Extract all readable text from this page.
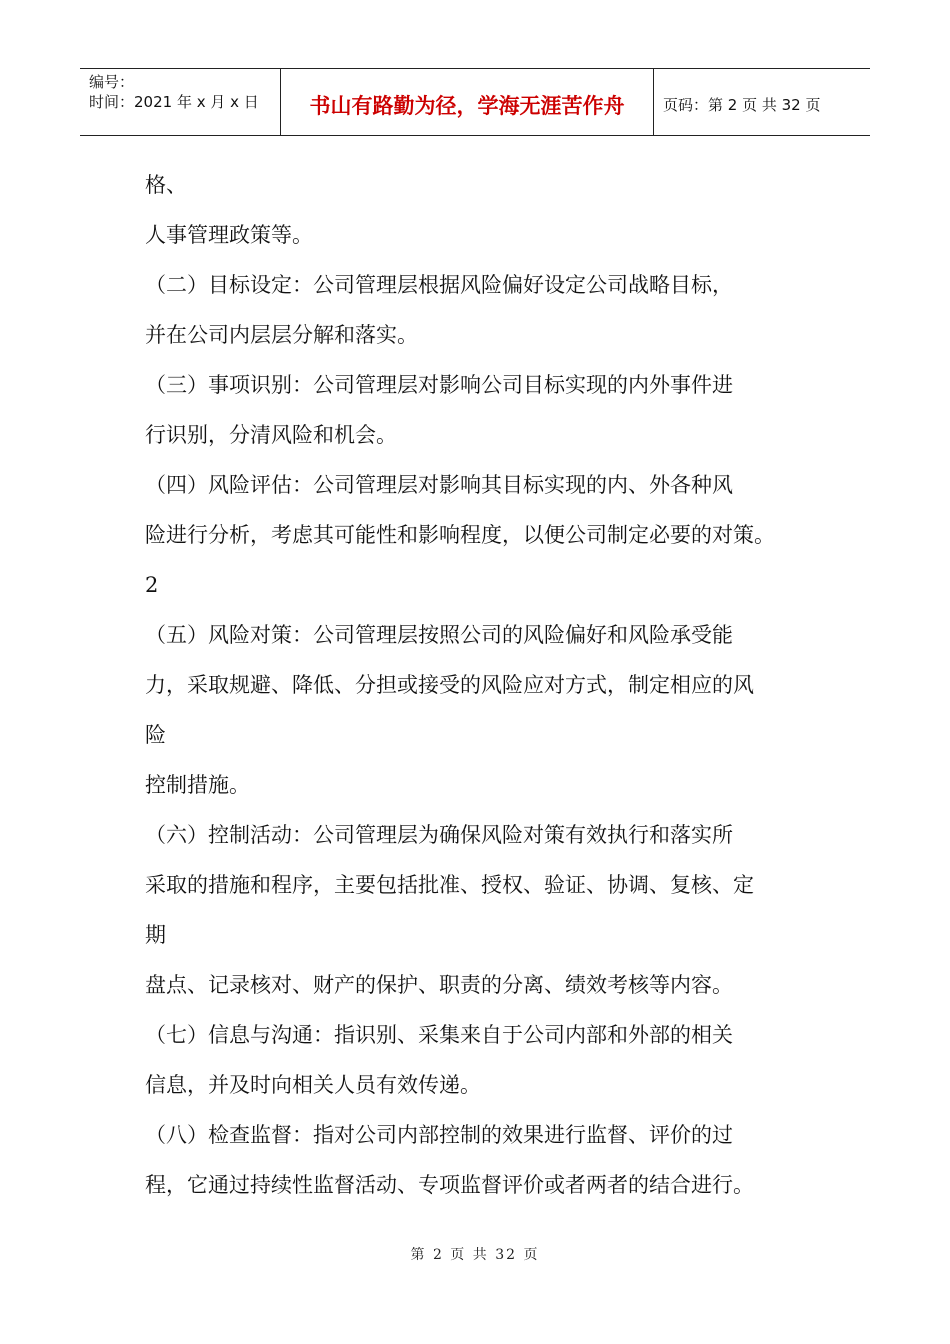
编号：
时间：2021 年 x 月 x 日	书山有路勤为径，学海无涯苦作舟	页码：第 2 页 共 32 页
格、
人事管理政策等。
（二）目标设定：公司管理层根据风险偏好设定公司战略目标，
并在公司内层层分解和落实。
（三）事项识别：公司管理层对影响公司目标实现的内外事件进
行识别，分清风险和机会。
（四）风险评估：公司管理层对影响其目标实现的内、外各种风
险进行分析，考虑其可能性和影响程度，以便公司制定必要的对策。
2
（五）风险对策：公司管理层按照公司的风险偏好和风险承受能
力，采取规避、降低、分担或接受的风险应对方式，制定相应的风
险
控制措施。
（六）控制活动：公司管理层为确保风险对策有效执行和落实所
采取的措施和程序，主要包括批准、授权、验证、协调、复核、定
期
盘点、记录核对、财产的保护、职责的分离、绩效考核等内容。
（七）信息与沟通：指识别、采集来自于公司内部和外部的相关
信息，并及时向相关人员有效传递。
（八）检查监督：指对公司内部控制的效果进行监督、评价的过
程，它通过持续性监督活动、专项监督评价或者两者的结合进行。
第 2 页 共 32 页
